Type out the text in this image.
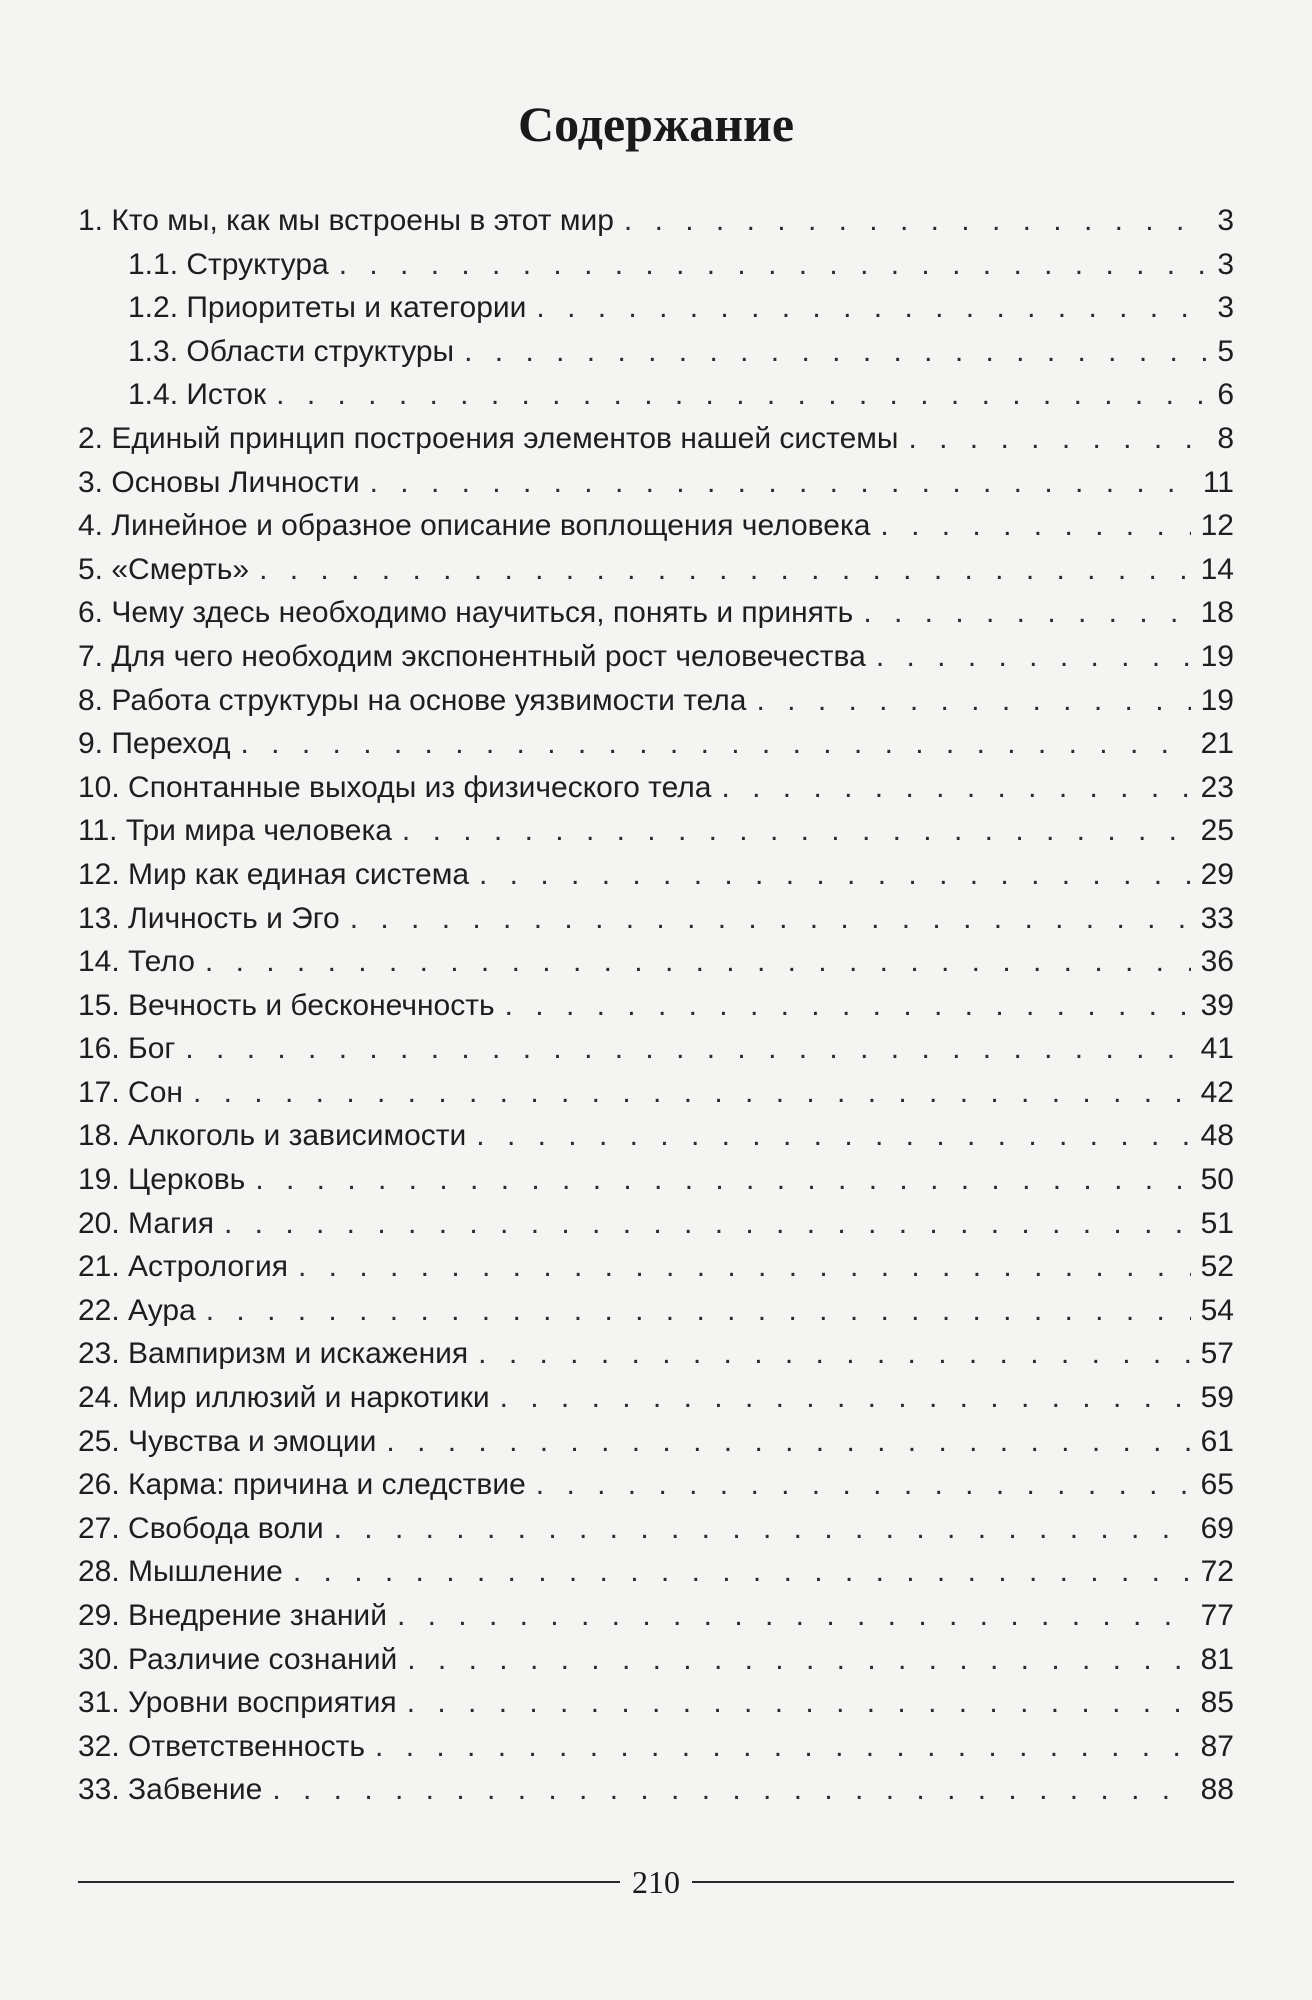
Содержание
1. Кто мы, как мы встроены в этот мир . . .	3
1.1. Структура . . .	3
1.2. Приоритеты и категории . . .	3
1.3. Области структуры . . .	5
1.4. Исток . . .	6
2. Единый принцип построения элементов нашей системы . . .	8
3. Основы Личности . . .	11
4. Линейное и образное описание воплощения человека . . .	12
5. «Смерть» . . .	14
6. Чему здесь необходимо научиться, понять и принять . . .	18
7. Для чего необходим экспонентный рост человечества . . .	19
8. Работа структуры на основе уязвимости тела . . .	19
9. Переход . . .	21
10. Спонтанные выходы из физического тела . . .	23
11. Три мира человека . . .	25
12. Мир как единая система . . .	29
13. Личность и Эго . . .	33
14. Тело . . .	36
15. Вечность и бесконечность . . .	39
16. Бог . . .	41
17. Сон . . .	42
18. Алкоголь и зависимости . . .	48
19. Церковь . . .	50
20. Магия . . .	51
21. Астрология . . .	52
22. Аура . . .	54
23. Вампиризм и искажения . . .	57
24. Мир иллюзий и наркотики . . .	59
25. Чувства и эмоции . . .	61
26. Карма: причина и следствие . . .	65
27. Свобода воли . . .	69
28. Мышление . . .	72
29. Внедрение знаний . . .	77
30. Различие сознаний . . .	81
31. Уровни восприятия . . .	85
32. Ответственность . . .	87
33. Забвение . . .	88
210
